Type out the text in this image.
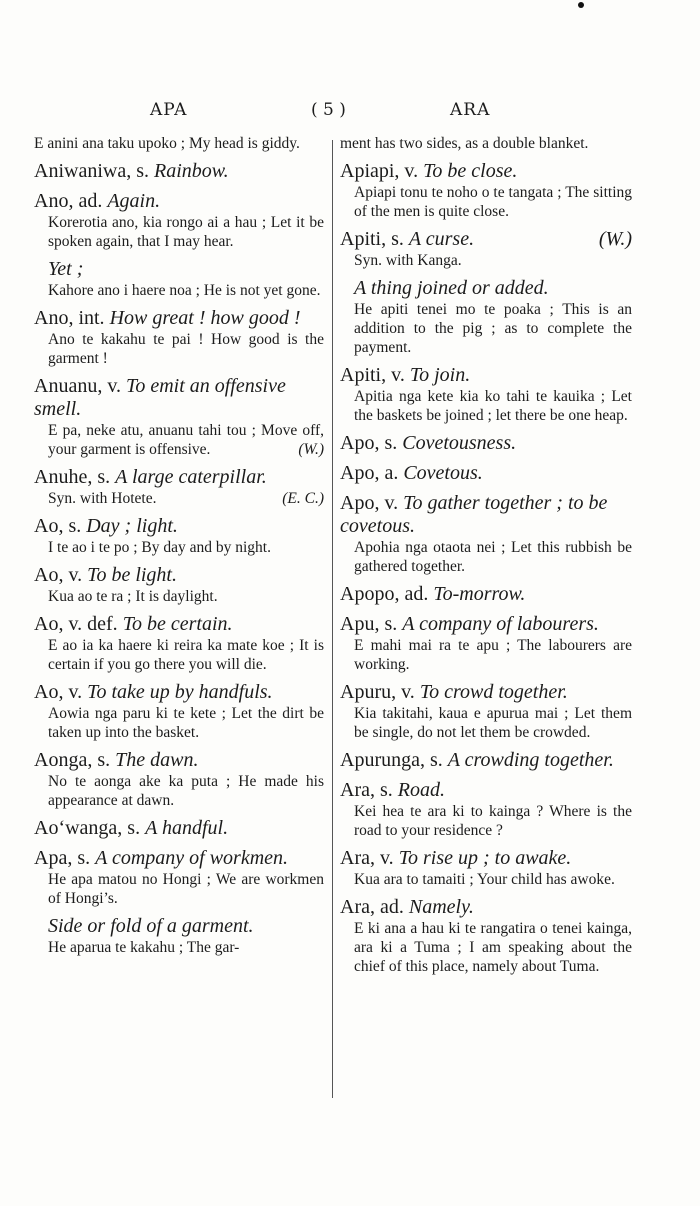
APA	( 5 )	ARA
E anini ana taku upoko ; My head is giddy.
Aniwaniwa, s. Rainbow.
Ano, ad. Again.
Korerotia ano, kia rongo ai a hau ; Let it be spoken again, that I may hear.
Yet ;
Kahore ano i haere noa ; He is not yet gone.
Ano, int. How great ! how good !
Ano te kakahu te pai ! How good is the garment !
Anuanu, v. To emit an offensive smell.
E pa, neke atu, anuanu tahi tou ; Move off, your garment is offensive.	(W.)
Anuhe, s. A large caterpillar.
Syn. with Hotete.	(E. C.)
Ao, s. Day ; light.
I te ao i te po ; By day and by night.
Ao, v. To be light.
Kua ao te ra ; It is daylight.
Ao, v. def. To be certain.
E ao ia ka haere ki reira ka mate koe ; It is certain if you go there you will die.
Ao, v. To take up by handfuls.
Aowia nga paru ki te kete ; Let the dirt be taken up into the basket.
Aonga, s. The dawn.
No te aonga ake ka puta ; He made his appearance at dawn.
Ao‘wanga, s. A handful.
Apa, s. A company of workmen.
He apa matou no Hongi ; We are workmen of Hongi’s.
Side or fold of a garment.
He aparua te kakahu ; The gar-
ment has two sides, as a double blanket.
Apiapi, v. To be close.
Apiapi tonu te noho o te tangata ; The sitting of the men is quite close.
Apiti, s. A curse.	(W.)
Syn. with Kanga.
A thing joined or added.
He apiti tenei mo te poaka ; This is an addition to the pig ; as to complete the payment.
Apiti, v. To join.
Apitia nga kete kia ko tahi te kauika ; Let the baskets be joined ; let there be one heap.
Apo, s. Covetousness.
Apo, a. Covetous.
Apo, v. To gather together ; to be covetous.
Apohia nga otaota nei ; Let this rubbish be gathered together.
Apopo, ad. To-morrow.
Apu, s. A company of labourers.
E mahi mai ra te apu ; The labourers are working.
Apuru, v. To crowd together.
Kia takitahi, kaua e apurua mai ; Let them be single, do not let them be crowded.
Apurunga, s. A crowding together.
Ara, s. Road.
Kei hea te ara ki to kainga ? Where is the road to your residence ?
Ara, v. To rise up ; to awake.
Kua ara to tamaiti ; Your child has awoke.
Ara, ad. Namely.
E ki ana a hau ki te rangatira o tenei kainga, ara ki a Tuma ; I am speaking about the chief of this place, namely about Tuma.
